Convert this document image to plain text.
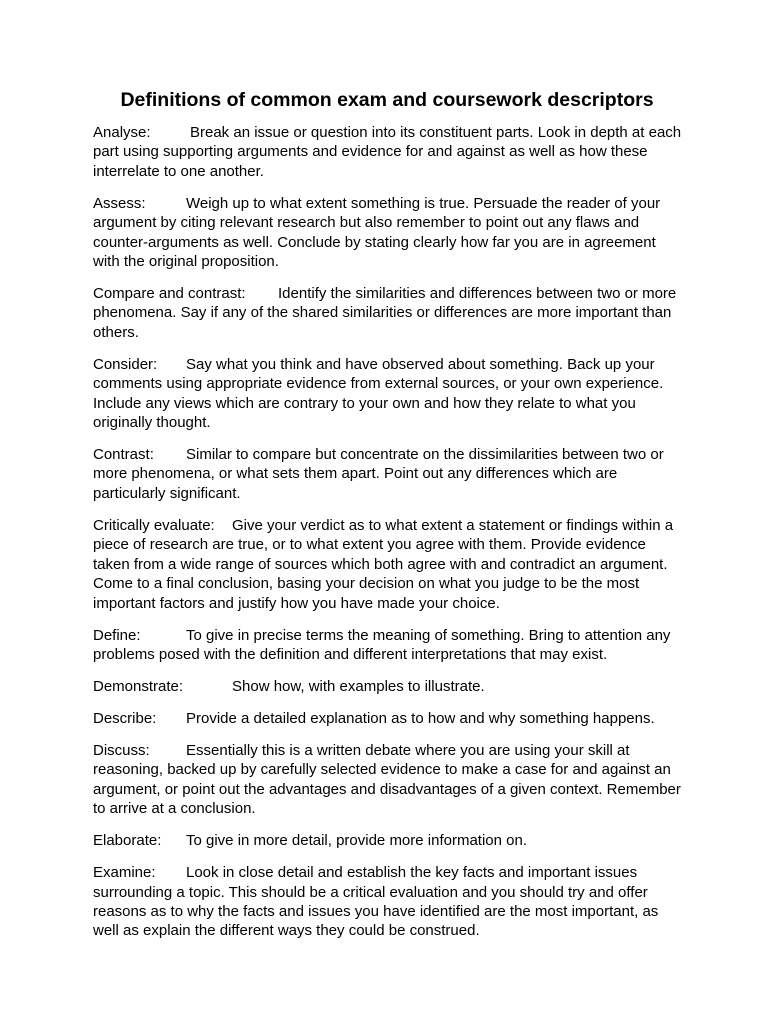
Definitions of common exam and coursework descriptors
Analyse:	Break an issue or question into its constituent parts. Look in depth at each part using supporting arguments and evidence for and against as well as how these interrelate to one another.
Assess:	Weigh up to what extent something is true. Persuade the reader of your argument by citing relevant research but also remember to point out any flaws and counter-arguments as well. Conclude by stating clearly how far you are in agreement with the original proposition.
Compare and contrast: Identify the similarities and differences between two or more phenomena. Say if any of the shared similarities or differences are more important than others.
Consider: Say what you think and have observed about something. Back up your comments using appropriate evidence from external sources, or your own experience. Include any views which are contrary to your own and how they relate to what you originally thought.
Contrast: Similar to compare but concentrate on the dissimilarities between two or more phenomena, or what sets them apart. Point out any differences which are particularly significant.
Critically evaluate: Give your verdict as to what extent a statement or findings within a piece of research are true, or to what extent you agree with them. Provide evidence taken from a wide range of sources which both agree with and contradict an argument. Come to a final conclusion, basing your decision on what you judge to be the most important factors and justify how you have made your choice.
Define:	To give in precise terms the meaning of something. Bring to attention any problems posed with the definition and different interpretations that may exist.
Demonstrate:	Show how, with examples to illustrate.
Describe: Provide a detailed explanation as to how and why something happens.
Discuss: Essentially this is a written debate where you are using your skill at reasoning, backed up by carefully selected evidence to make a case for and against an argument, or point out the advantages and disadvantages of a given context. Remember to arrive at a conclusion.
Elaborate: To give in more detail, provide more information on.
Examine: Look in close detail and establish the key facts and important issues surrounding a topic. This should be a critical evaluation and you should try and offer reasons as to why the facts and issues you have identified are the most important, as well as explain the different ways they could be construed.
